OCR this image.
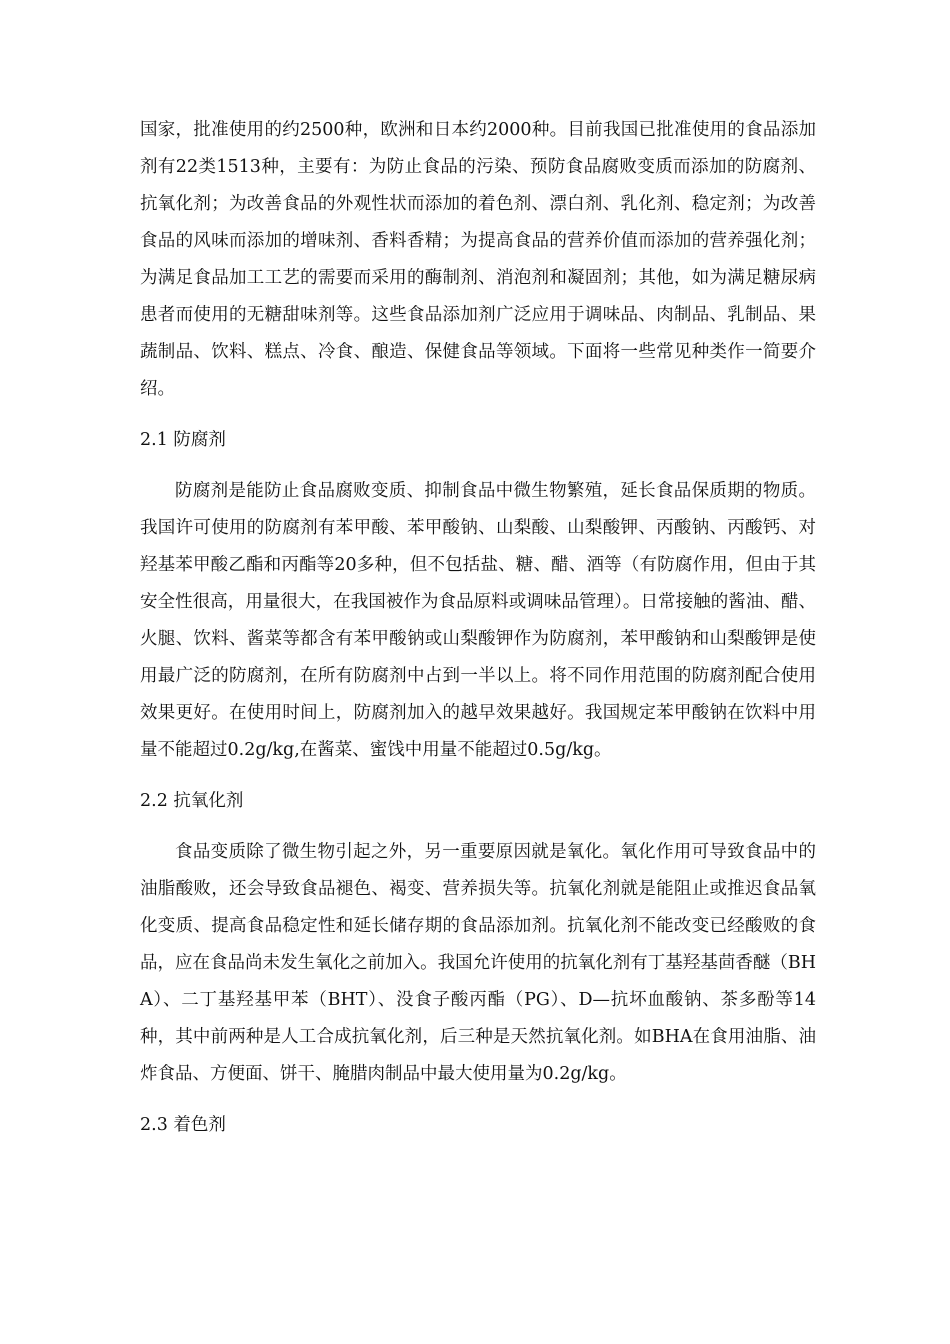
国家，批准使用的约2500种，欧洲和日本约2000种。目前我国已批准使用的食品添加剂有22类1513种，主要有：为防止食品的污染、预防食品腐败变质而添加的防腐剂、抗氧化剂；为改善食品的外观性状而添加的着色剂、漂白剂、乳化剂、稳定剂；为改善食品的风味而添加的增味剂、香料香精；为提高食品的营养价值而添加的营养强化剂；为满足食品加工工艺的需要而采用的酶制剂、消泡剂和凝固剂；其他，如为满足糖尿病患者而使用的无糖甜味剂等。这些食品添加剂广泛应用于调味品、肉制品、乳制品、果蔬制品、饮料、糕点、冷食、酿造、保健食品等领域。下面将一些常见种类作一简要介绍。

2.1 防腐剂

防腐剂是能防止食品腐败变质、抑制食品中微生物繁殖，延长食品保质期的物质。我国许可使用的防腐剂有苯甲酸、苯甲酸钠、山梨酸、山梨酸钾、丙酸钠、丙酸钙、对羟基苯甲酸乙酯和丙酯等20多种，但不包括盐、糖、醋、酒等（有防腐作用，但由于其安全性很高，用量很大，在我国被作为食品原料或调味品管理）。日常接触的酱油、醋、火腿、饮料、酱菜等都含有苯甲酸钠或山梨酸钾作为防腐剂，苯甲酸钠和山梨酸钾是使用最广泛的防腐剂，在所有防腐剂中占到一半以上。将不同作用范围的防腐剂配合使用效果更好。在使用时间上，防腐剂加入的越早效果越好。我国规定苯甲酸钠在饮料中用量不能超过0.2g/kg,在酱菜、蜜饯中用量不能超过0.5g/kg。

2.2 抗氧化剂

食品变质除了微生物引起之外，另一重要原因就是氧化。氧化作用可导致食品中的油脂酸败，还会导致食品褪色、褐变、营养损失等。抗氧化剂就是能阻止或推迟食品氧化变质、提高食品稳定性和延长储存期的食品添加剂。抗氧化剂不能改变已经酸败的食品，应在食品尚未发生氧化之前加入。我国允许使用的抗氧化剂有丁基羟基茴香醚（BHA）、二丁基羟基甲苯（BHT）、没食子酸丙酯（PG）、D—抗坏血酸钠、茶多酚等14种，其中前两种是人工合成抗氧化剂，后三种是天然抗氧化剂。如BHA在食用油脂、油炸食品、方便面、饼干、腌腊肉制品中最大使用量为0.2g/kg。

2.3 着色剂
